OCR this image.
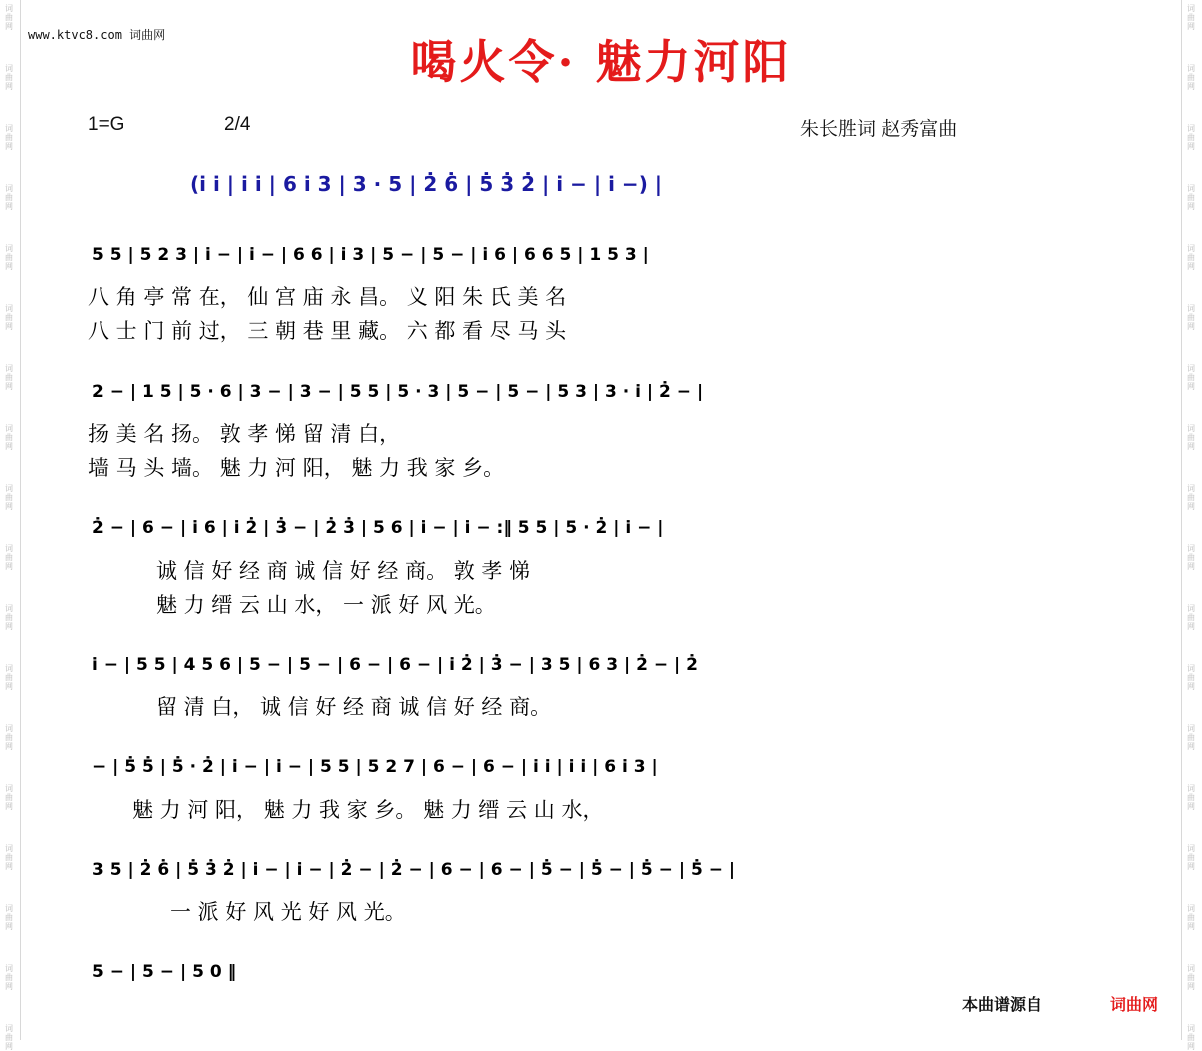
词曲网
词曲网
词曲网
词曲网
词曲网
词曲网
词曲网
词曲网
词曲网
词曲网
词曲网
词曲网
词曲网
词曲网
词曲网
词曲网
词曲网
词曲网
词曲网
词曲网
词曲网
词曲网
词曲网
词曲网
词曲网
词曲网
词曲网
词曲网
词曲网
词曲网
词曲网
词曲网
词曲网
词曲网
词曲网
词曲网
www.ktvc8.com 词曲网	喝火令· 魅力河阳
1=G	2/4	朱长胜词 赵秀富曲
(i̇ i̇ | i̇ i̇ | 6 i̇ 3 | 3 · 5 | 2̇ 6̇ | 5̇ 3̇ 2̇ | i̇ − | i̇ −) |
5 5 | 5 2 3 | i̇ − | i̇ − | 6 6 | i̇ 3 | 5 − | 5 − | i̇ 6 | 6 6 5 | 1 5 3 |
八 角 亭 常 在， 仙 宫 庙 永 昌。 义 阳 朱 氏 美 名
八 士 门 前 过， 三 朝 巷 里 藏。 六 都 看 尽 马 头
2 − | 1 5 | 5 · 6 | 3 − | 3 − | 5 5 | 5 · 3 | 5 − | 5 − | 5 3 | 3 · i̇ | 2̇ − |
扬 美 名 扬。 敦 孝 悌 留 清 白，
墙 马 头 墙。 魅 力 河 阳， 魅 力 我 家 乡。
2̇ − | 6 − | i̇ 6 | i̇ 2̇ | 3̇ − | 2̇ 3̇ | 5 6 | i̇ − | i̇ − :‖ 5 5 | 5 · 2̇ | i̇ − |
诚 信 好 经 商 诚 信 好 经 商。 敦 孝 悌
魅 力 缙 云 山 水， 一 派 好 风 光。
i̇ − | 5 5 | 4 5 6 | 5 − | 5 − | 6 − | 6 − | i̇ 2̇ | 3̇ − | 3 5 | 6 3 | 2̇ − | 2̇
留 清 白， 诚 信 好 经 商 诚 信 好 经 商。
− | 5̇ 5̇ | 5̇ · 2̇ | i̇ − | i̇ − | 5 5 | 5 2 7 | 6 − | 6 − | i̇ i̇ | i̇ i̇ | 6 i̇ 3 |
魅 力 河 阳， 魅 力 我 家 乡。 魅 力 缙 云 山 水，
3 5 | 2̇ 6̇ | 5̇ 3̇ 2̇ | i̇ − | i̇ − | 2̇ − | 2̇ − | 6 − | 6 − | 5̇ − | 5̇ − | 5̇ − | 5̇ − |
一 派 好 风 光 好 风 光。
5 − | 5 − | 5 0 ‖
本曲谱源自	词曲网
